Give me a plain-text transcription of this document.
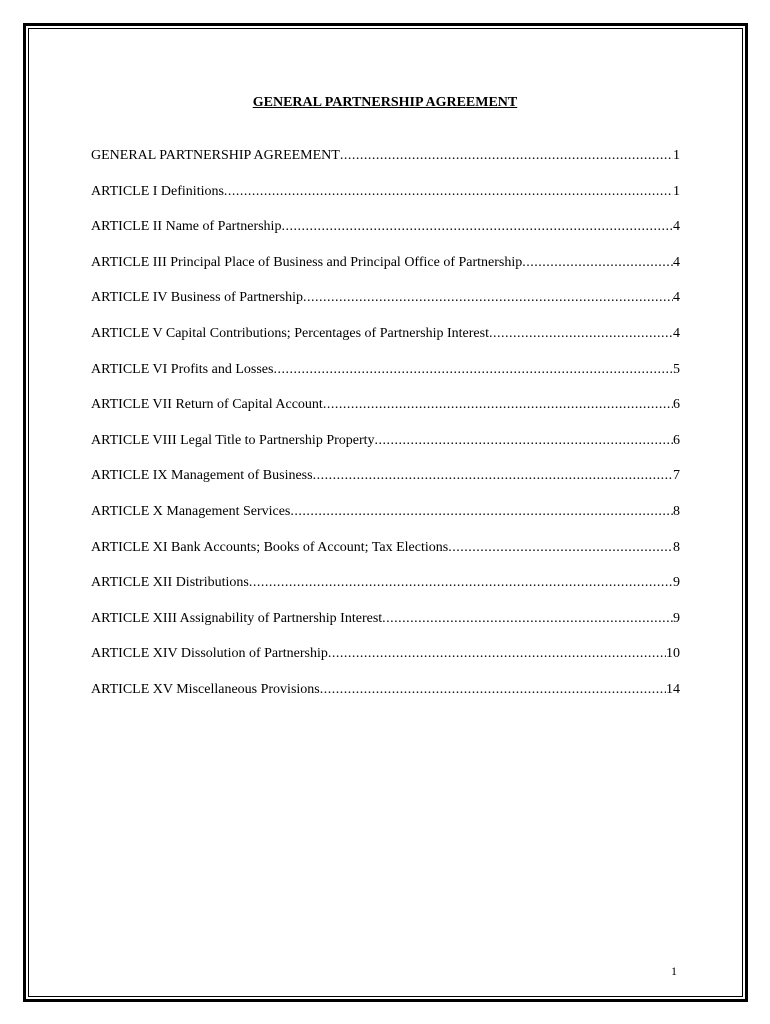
GENERAL PARTNERSHIP AGREEMENT
GENERAL PARTNERSHIP AGREEMENT .....	1
ARTICLE I Definitions .....	1
ARTICLE II Name of Partnership .....	4
ARTICLE III Principal Place of Business and Principal Office of Partnership .....	4
ARTICLE IV Business of Partnership .....	4
ARTICLE V Capital Contributions; Percentages of Partnership Interest .....	4
ARTICLE VI Profits and Losses .....	5
ARTICLE VII Return of Capital Account .....	6
ARTICLE VIII Legal Title to Partnership Property .....	6
ARTICLE IX Management of Business .....	7
ARTICLE X Management Services .....	8
ARTICLE XI Bank Accounts; Books of Account; Tax Elections .....	8
ARTICLE XII Distributions .....	9
ARTICLE XIII Assignability of Partnership Interest .....	9
ARTICLE XIV Dissolution of Partnership .....	10
ARTICLE XV Miscellaneous Provisions .....	14
1
